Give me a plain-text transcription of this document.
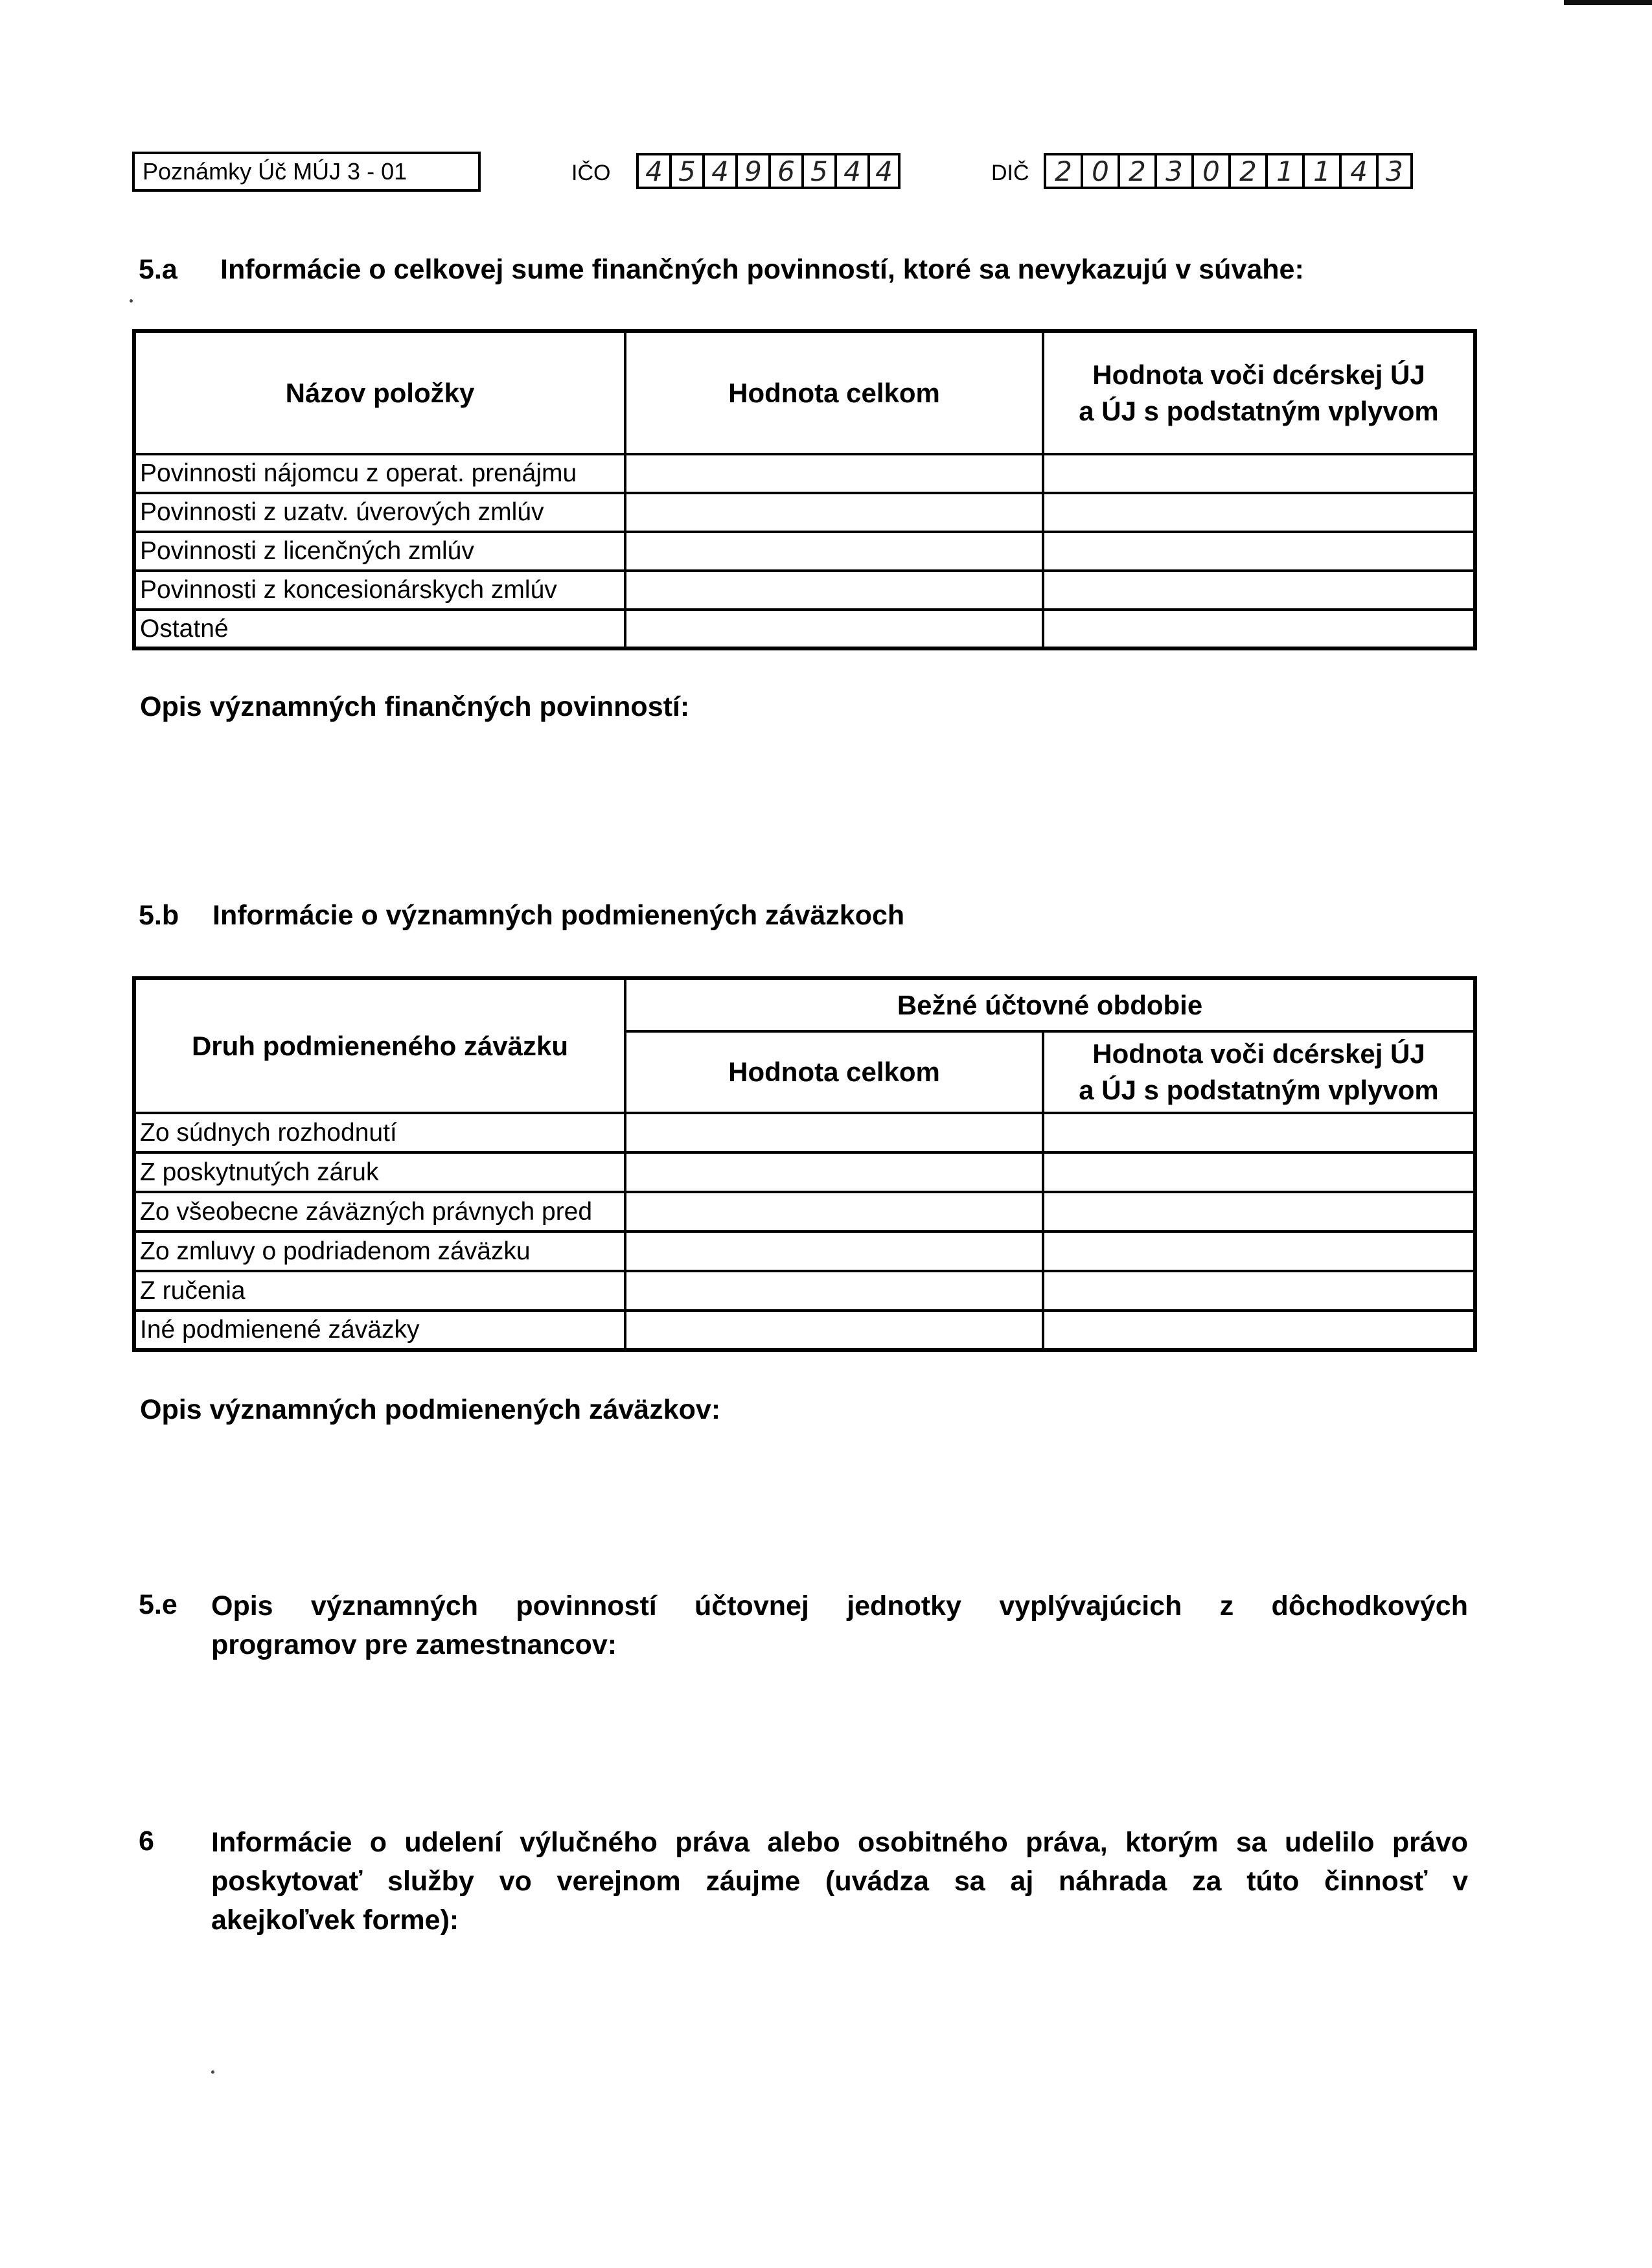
Poznámky Úč MÚJ 3 - 01	IČO	4 5 4 9 6 5 4 4	DIČ 2 0 2 3 0 2 1 1 4 3
5.a Informácie o celkovej sume finančných povinností, ktoré sa nevykazujú v súvahe:
Názov položky	Hodnota celkom	Hodnota voči dcérskej ÚJ
a ÚJ s podstatným vplyvom

Povinnosti nájomcu z operat. prenájmu		
Povinnosti z uzatv. úverových zmlúv		
Povinnosti z licenčných zmlúv		
Povinnosti z koncesionárskych zmlúv		
Ostatné		
Opis významných finančných povinností:
5.b Informácie o významných podmienených záväzkoch
Druh podmieneného záväzku	Bežné účtovné obdobie	
	Hodnota celkom	Hodnota voči dcérskej ÚJ
a ÚJ s podstatným vplyvom

Zo súdnych rozhodnutí		
Z poskytnutých záruk		
Zo všeobecne záväzných právnych pred		
Zo zmluvy o podriadenom záväzku		
Z ručenia		
Iné podmienené záväzky		
Opis významných podmienených záväzkov:
5.e Opis významných povinností účtovnej jednotky vyplývajúcich z dôchodkových
programov pre zamestnancov:
6 Informácie o udelení výlučného práva alebo osobitného práva, ktorým sa udelilo právo
poskytovať služby vo verejnom záujme (uvádza sa aj náhrada za túto činnosť v
akejkoľvek forme):
